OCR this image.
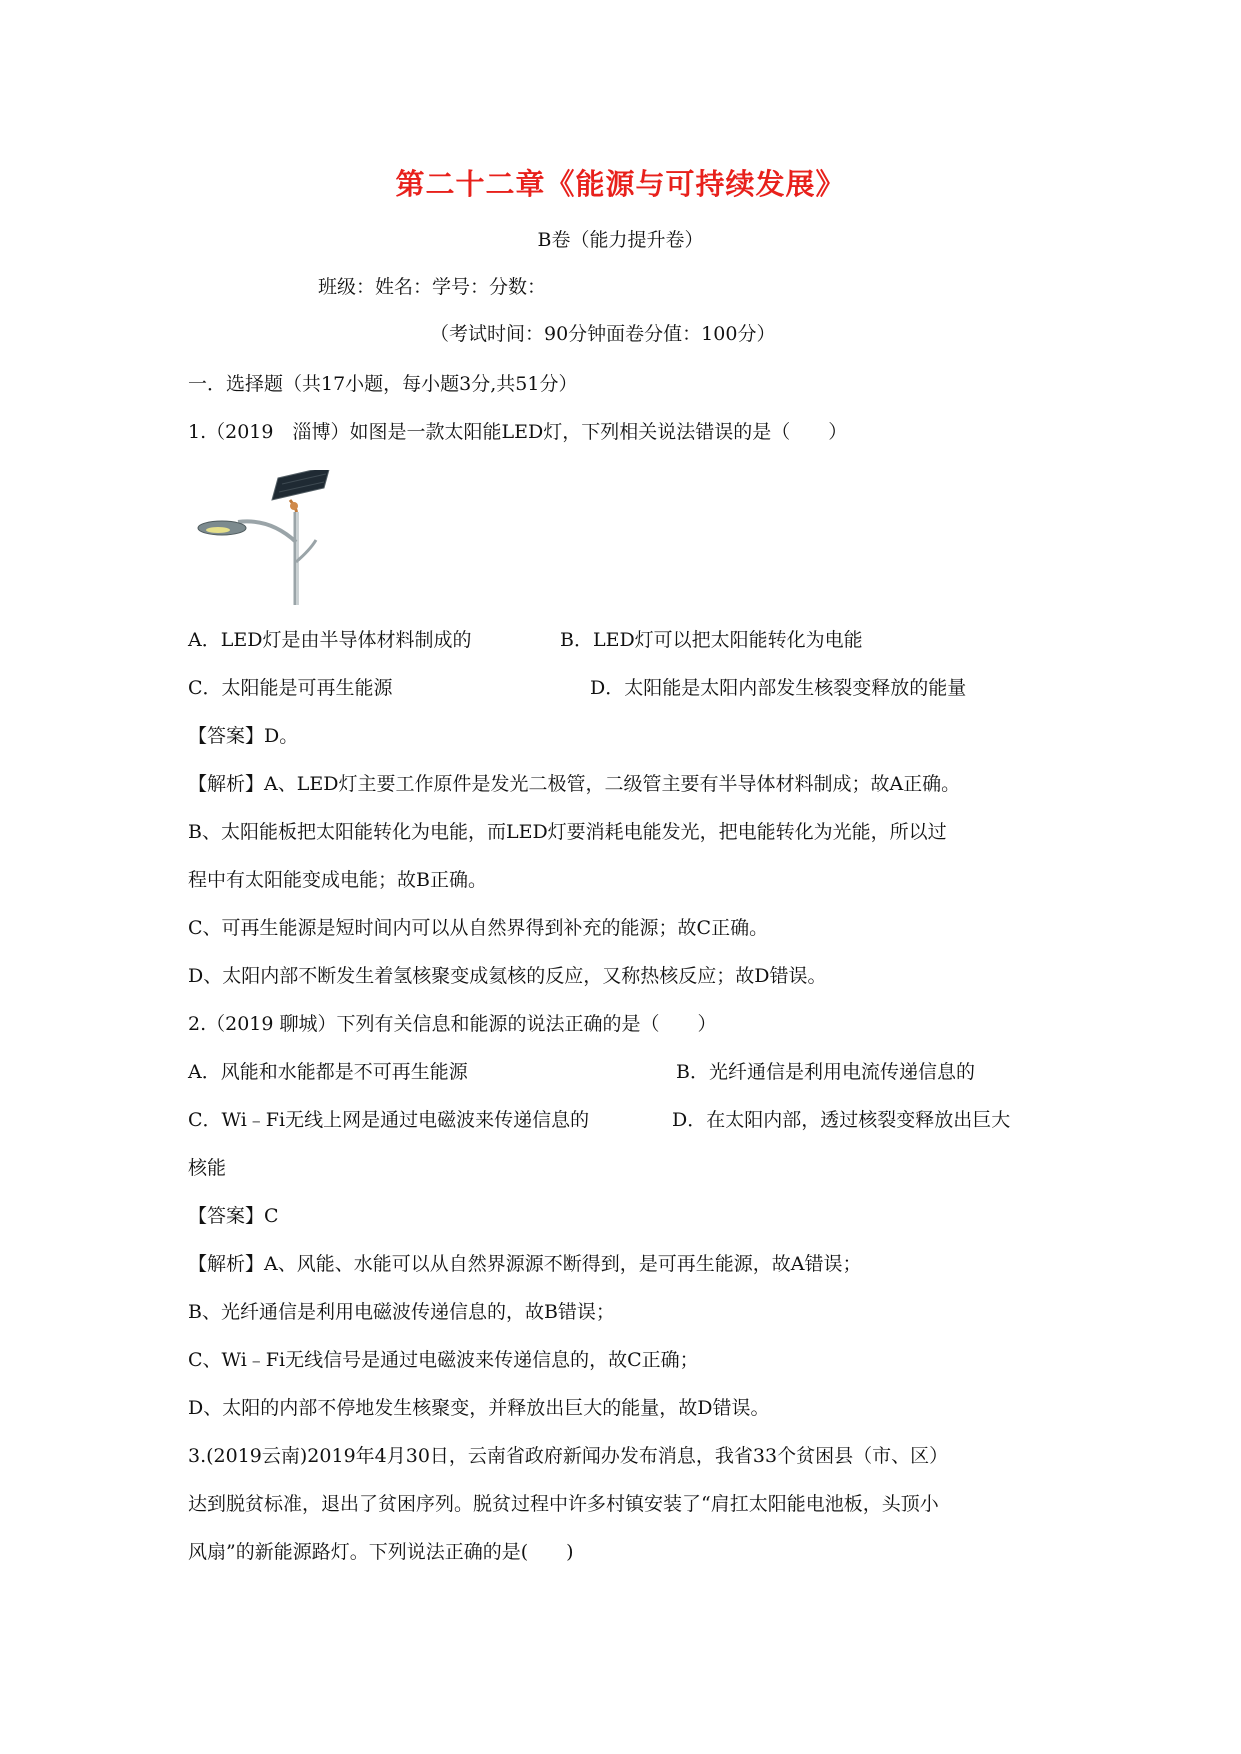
第二十二章《能源与可持续发展》
B卷（能力提升卷）
班级：姓名：学号：分数：
（考试时间：90分钟面卷分值：100分）
一．选择题（共17小题，每小题3分,共51分）
1.（2019　淄博）如图是一款太阳能LED灯，下列相关说法错误的是（　　）
A．LED灯是由半导体材料制成的	B．LED灯可以把太阳能转化为电能
C．太阳能是可再生能源	D．太阳能是太阳内部发生核裂变释放的能量
【答案】D。
【解析】A、LED灯主要工作原件是发光二极管，二级管主要有半导体材料制成；故A正确。
B、太阳能板把太阳能转化为电能，而LED灯要消耗电能发光，把电能转化为光能，所以过
程中有太阳能变成电能；故B正确。
C、可再生能源是短时间内可以从自然界得到补充的能源；故C正确。
D、太阳内部不断发生着氢核聚变成氦核的反应，又称热核反应；故D错误。
2.（2019 聊城）下列有关信息和能源的说法正确的是（　　）
A．风能和水能都是不可再生能源	B．光纤通信是利用电流传递信息的
C．Wi﹣Fi无线上网是通过电磁波来传递信息的	D．在太阳内部，透过核裂变释放出巨大
核能
【答案】C
【解析】A、风能、水能可以从自然界源源不断得到，是可再生能源，故A错误；
B、光纤通信是利用电磁波传递信息的，故B错误；
C、Wi﹣Fi无线信号是通过电磁波来传递信息的，故C正确；
D、太阳的内部不停地发生核聚变，并释放出巨大的能量，故D错误。
3.(2019云南)2019年4月30日，云南省政府新闻办发布消息，我省33个贫困县（市、区）
达到脱贫标准，退出了贫困序列。脱贫过程中许多村镇安装了“肩扛太阳能电池板，头顶小
风扇”的新能源路灯。下列说法正确的是(　　)
